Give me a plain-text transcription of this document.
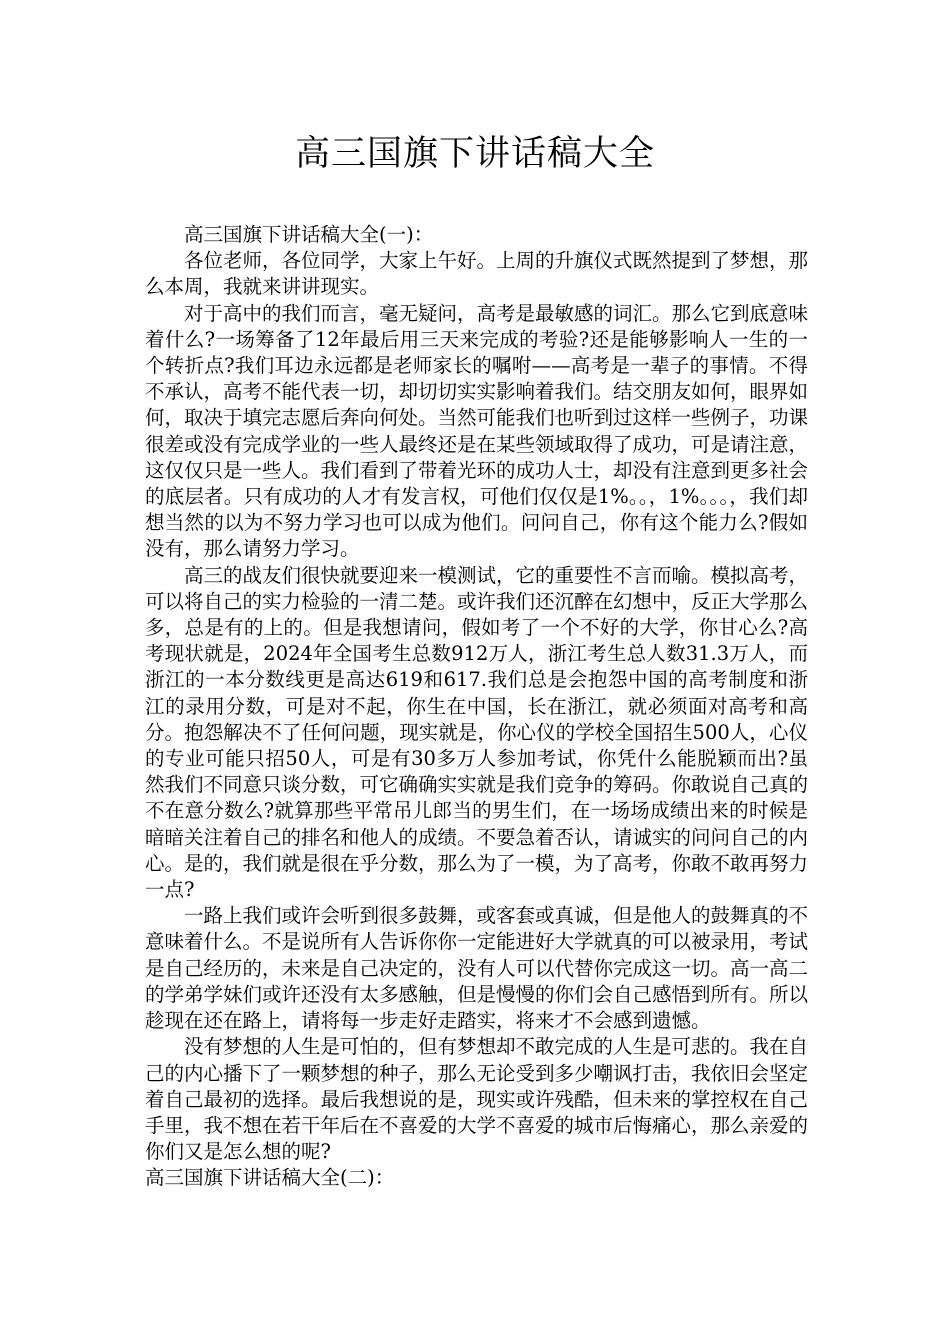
高三国旗下讲话稿大全

高三国旗下讲话稿大全(一)：

各位老师，各位同学，大家上午好。上周的升旗仪式既然提到了梦想，那么本周，我就来讲讲现实。

对于高中的我们而言，毫无疑问，高考是最敏感的词汇。那么它到底意味着什么?一场筹备了12年最后用三天来完成的考验?还是能够影响人一生的一个转折点?我们耳边永远都是老师家长的嘱咐——高考是一辈子的事情。不得不承认，高考不能代表一切，却切切实实影响着我们。结交朋友如何，眼界如何，取决于填完志愿后奔向何处。当然可能我们也听到过这样一些例子，功课很差或没有完成学业的一些人最终还是在某些领域取得了成功，可是请注意，这仅仅只是一些人。我们看到了带着光环的成功人士，却没有注意到更多社会的底层者。只有成功的人才有发言权，可他们仅仅是1%。。，1%。。。，我们却想当然的以为不努力学习也可以成为他们。问问自己，你有这个能力么?假如没有，那么请努力学习。

高三的战友们很快就要迎来一模测试，它的重要性不言而喻。模拟高考，可以将自己的实力检验的一清二楚。或许我们还沉醉在幻想中，反正大学那么多，总是有的上的。但是我想请问，假如考了一个不好的大学，你甘心么?高考现状就是，2024年全国考生总数912万人，浙江考生总人数31.3万人，而浙江的一本分数线更是高达619和617.我们总是会抱怨中国的高考制度和浙江的录用分数，可是对不起，你生在中国，长在浙江，就必须面对高考和高分。抱怨解决不了任何问题，现实就是，你心仪的学校全国招生500人，心仪的专业可能只招50人，可是有30多万人参加考试，你凭什么能脱颖而出?虽然我们不同意只谈分数，可它确确实实就是我们竞争的筹码。你敢说自己真的不在意分数么?就算那些平常吊儿郎当的男生们，在一场场成绩出来的时候是暗暗关注着自己的排名和他人的成绩。不要急着否认，请诚实的问问自己的内心。是的，我们就是很在乎分数，那么为了一模，为了高考，你敢不敢再努力一点?

一路上我们或许会听到很多鼓舞，或客套或真诚，但是他人的鼓舞真的不意味着什么。不是说所有人告诉你你一定能进好大学就真的可以被录用，考试是自己经历的，未来是自己决定的，没有人可以代替你完成这一切。高一高二的学弟学妹们或许还没有太多感触，但是慢慢的你们会自己感悟到所有。所以趁现在还在路上，请将每一步走好走踏实，将来才不会感到遗憾。

没有梦想的人生是可怕的，但有梦想却不敢完成的人生是可悲的。我在自己的内心播下了一颗梦想的种子，那么无论受到多少嘲讽打击，我依旧会坚定着自己最初的选择。最后我想说的是，现实或许残酷，但未来的掌控权在自己手里，我不想在若干年后在不喜爱的大学不喜爱的城市后悔痛心，那么亲爱的你们又是怎么想的呢?

高三国旗下讲话稿大全(二)：
